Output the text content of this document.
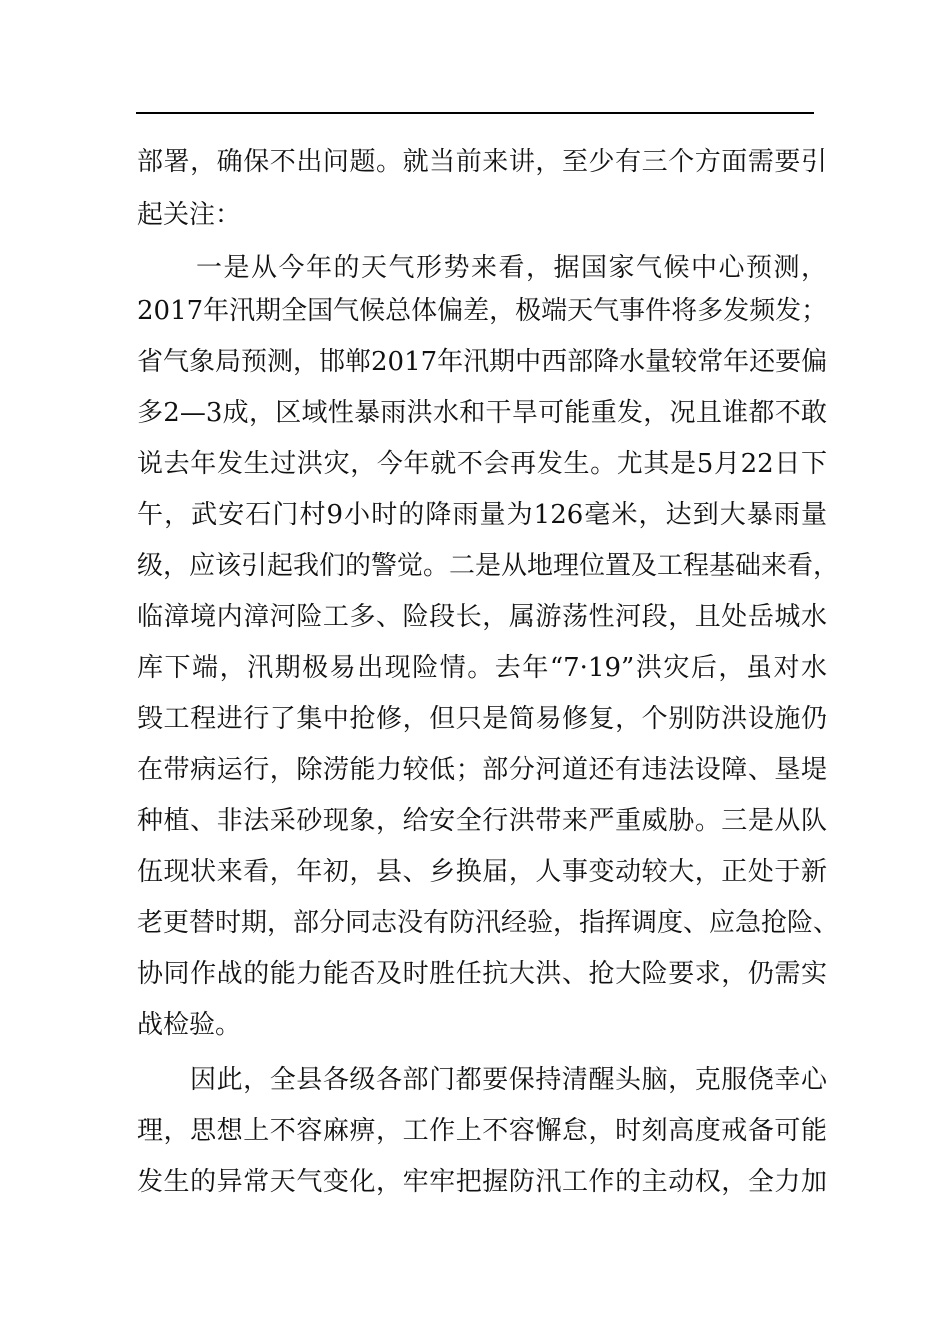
部署，确保不出问题。就当前来讲，至少有三个方面需要引
起关注：
一是从今年的天气形势来看，据国家气候中心预测，
2017年汛期全国气候总体偏差，极端天气事件将多发频发；
省气象局预测，邯郸2017年汛期中西部降水量较常年还要偏
多2—3成，区域性暴雨洪水和干旱可能重发，况且谁都不敢
说去年发生过洪灾，今年就不会再发生。尤其是5月22日下
午，武安石门村9小时的降雨量为126毫米，达到大暴雨量
级，应该引起我们的警觉。二是从地理位置及工程基础来看，
临漳境内漳河险工多、险段长，属游荡性河段，且处岳城水
库下端，汛期极易出现险情。去年“7·19”洪灾后，虽对水
毁工程进行了集中抢修，但只是简易修复，个别防洪设施仍
在带病运行，除涝能力较低；部分河道还有违法设障、垦堤
种植、非法采砂现象，给安全行洪带来严重威胁。三是从队
伍现状来看，年初，县、乡换届，人事变动较大，正处于新
老更替时期，部分同志没有防汛经验，指挥调度、应急抢险、
协同作战的能力能否及时胜任抗大洪、抢大险要求，仍需实
战检验。
因此，全县各级各部门都要保持清醒头脑，克服侥幸心
理，思想上不容麻痹，工作上不容懈怠，时刻高度戒备可能
发生的异常天气变化，牢牢把握防汛工作的主动权，全力加
